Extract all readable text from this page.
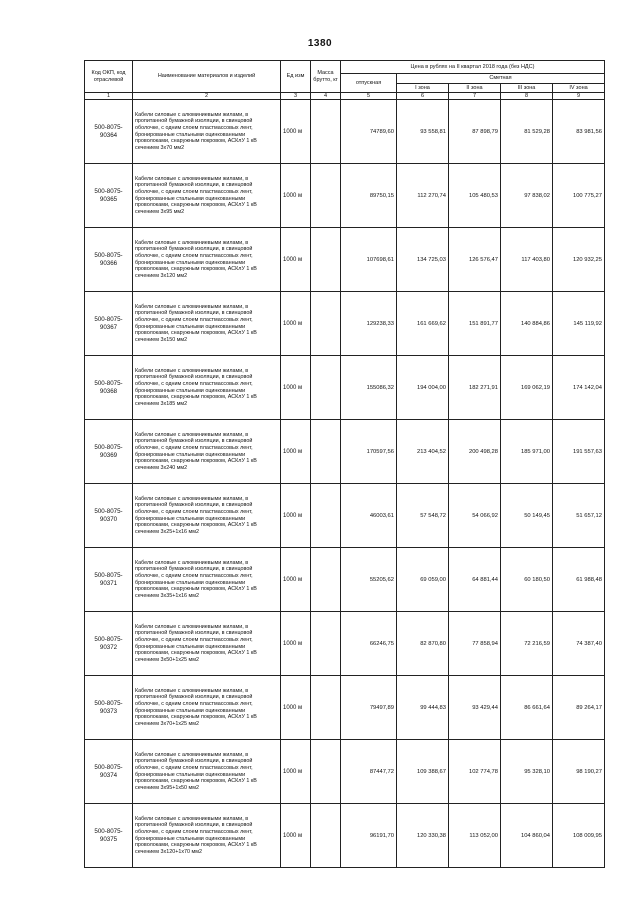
1380
Код ОКП, код отраслевой	Наименование материалов и изделий	Ед изм	Масса брутто, кг	Цена в рублях на II квартал 2018 года (без НДС)				
				отпускная	Сметная			
					I зона	II зона	III зона	IV зона
1	2	3	4	5	6	7	8	9
500-8075-90364	Кабели силовые с алюминиевыми жилами, в пропитанной бумажной изоляции, в свинцовой оболочке, с одним слоем пластмассовых лент, бронированные стальными оцинкованными проволоками, снаружным покровом, АСКлУ 1 кВ сечением 3х70 мм2	1000 м		74789,60	93 558,81	87 898,79	81 529,28	83 981,56
500-8075-90365	Кабели силовые с алюминиевыми жилами, в пропитанной бумажной изоляции, в свинцовой оболочке, с одним слоем пластмассовых лент, бронированные стальными оцинкованными проволоками, снаружным покровом, АСКлУ 1 кВ сечением 3х95 мм2	1000 м		89750,15	112 270,74	105 480,53	97 838,02	100 775,27
500-8075-90366	Кабели силовые с алюминиевыми жилами, в пропитанной бумажной изоляции, в свинцовой оболочке, с одним слоем пластмассовых лент, бронированные стальными оцинкованными проволоками, снаружным покровом, АСКлУ 1 кВ сечением 3х120 мм2	1000 м		107698,61	134 725,03	126 576,47	117 403,80	120 932,25
500-8075-90367	Кабели силовые с алюминиевыми жилами, в пропитанной бумажной изоляции, в свинцовой оболочке, с одним слоем пластмассовых лент, бронированные стальными оцинкованными проволоками, снаружным покровом, АСКлУ 1 кВ сечением 3х150 мм2	1000 м		129238,33	161 669,62	151 891,77	140 884,86	145 119,92
500-8075-90368	Кабели силовые с алюминиевыми жилами, в пропитанной бумажной изоляции, в свинцовой оболочке, с одним слоем пластмассовых лент, бронированные стальными оцинкованными проволоками, снаружным покровом, АСКлУ 1 кВ сечением 3х185 мм2	1000 м		155086,32	194 004,00	182 271,91	169 062,19	174 142,04
500-8075-90369	Кабели силовые с алюминиевыми жилами, в пропитанной бумажной изоляции, в свинцовой оболочке, с одним слоем пластмассовых лент, бронированные стальными оцинкованными проволоками, снаружным покровом, АСКлУ 1 кВ сечением 3х240 мм2	1000 м		170597,56	213 404,52	200 498,28	185 971,00	191 557,63
500-8075-90370	Кабели силовые с алюминиевыми жилами, в пропитанной бумажной изоляции, в свинцовой оболочке, с одним слоем пластмассовых лент, бронированные стальными оцинкованными проволоками, снаружным покровом, АСКлУ 1 кВ сечением 3х25+1х16 мм2	1000 м		46003,61	57 548,72	54 066,92	50 149,45	51 657,12
500-8075-90371	Кабели силовые с алюминиевыми жилами, в пропитанной бумажной изоляции, в свинцовой оболочке, с одним слоем пластмассовых лент, бронированные стальными оцинкованными проволоками, снаружным покровом, АСКлУ 1 кВ сечением 3х35+1х16 мм2	1000 м		55205,62	69 059,00	64 881,44	60 180,50	61 988,48
500-8075-90372	Кабели силовые с алюминиевыми жилами, в пропитанной бумажной изоляции, в свинцовой оболочке, с одним слоем пластмассовых лент, бронированные стальными оцинкованными проволоками, снаружным покровом, АСКлУ 1 кВ сечением 3х50+1х25 мм2	1000 м		66246,75	82 870,80	77 858,94	72 216,59	74 387,40
500-8075-90373	Кабели силовые с алюминиевыми жилами, в пропитанной бумажной изоляции, в свинцовой оболочке, с одним слоем пластмассовых лент, бронированные стальными оцинкованными проволоками, снаружным покровом, АСКлУ 1 кВ сечением 3х70+1х25 мм2	1000 м		79497,89	99 444,83	93 429,44	86 661,64	89 264,17
500-8075-90374	Кабели силовые с алюминиевыми жилами, в пропитанной бумажной изоляции, в свинцовой оболочке, с одним слоем пластмассовых лент, бронированные стальными оцинкованными проволоками, снаружным покровом, АСКлУ 1 кВ сечением 3х95+1х50 мм2	1000 м		87447,72	109 388,67	102 774,78	95 328,10	98 190,27
500-8075-90375	Кабели силовые с алюминиевыми жилами, в пропитанной бумажной изоляции, в свинцовой оболочке, с одним слоем пластмассовых лент, бронированные стальными оцинкованными проволоками, снаружным покровом, АСКлУ 1 кВ сечением 3х120+1х70 мм2	1000 м		96191,70	120 330,38	113 052,00	104 860,04	108 009,95
